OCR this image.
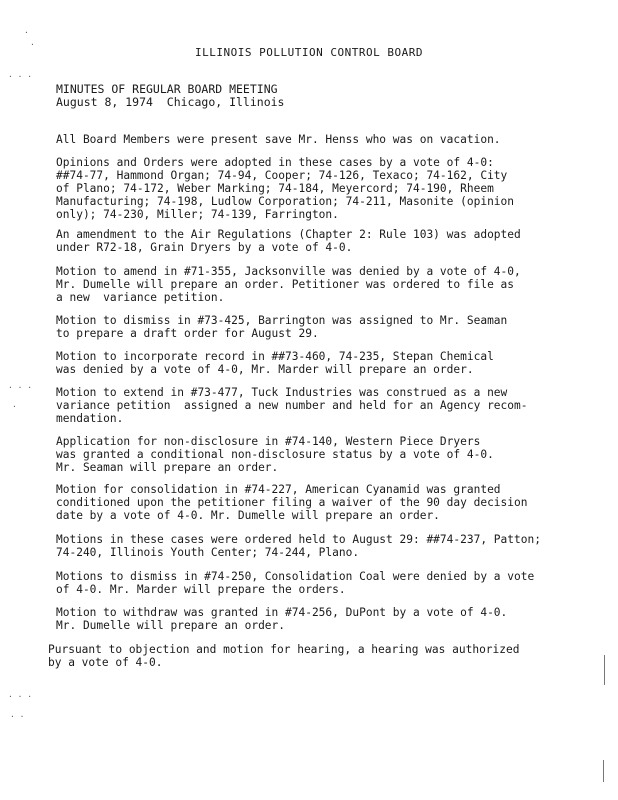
·
·
· · ·
· · ·
·
· · ·
· ·
ILLINOIS POLLUTION CONTROL BOARD
MINUTES OF REGULAR BOARD MEETING
August 8, 1974  Chicago, Illinois
All Board Members were present save Mr. Henss who was on vacation.
Opinions and Orders were adopted in these cases by a vote of 4-0:
##74-77, Hammond Organ; 74-94, Cooper; 74-126, Texaco; 74-162, City
of Plano; 74-172, Weber Marking; 74-184, Meyercord; 74-190, Rheem
Manufacturing; 74-198, Ludlow Corporation; 74-211, Masonite (opinion
only); 74-230, Miller; 74-139, Farrington.
An amendment to the Air Regulations (Chapter 2: Rule 103) was adopted
under R72-18, Grain Dryers by a vote of 4-0.
Motion to amend in #71-355, Jacksonville was denied by a vote of 4-0,
Mr. Dumelle will prepare an order. Petitioner was ordered to file as
a new  variance petition.
Motion to dismiss in #73-425, Barrington was assigned to Mr. Seaman
to prepare a draft order for August 29.
Motion to incorporate record in ##73-460, 74-235, Stepan Chemical
was denied by a vote of 4-0, Mr. Marder will prepare an order.
Motion to extend in #73-477, Tuck Industries was construed as a new
variance petition  assigned a new number and held for an Agency recom-
mendation.
Application for non-disclosure in #74-140, Western Piece Dryers
was granted a conditional non-disclosure status by a vote of 4-0.
Mr. Seaman will prepare an order.
Motion for consolidation in #74-227, American Cyanamid was granted
conditioned upon the petitioner filing a waiver of the 90 day decision
date by a vote of 4-0. Mr. Dumelle will prepare an order.
Motions in these cases were ordered held to August 29: ##74-237, Patton;
74-240, Illinois Youth Center; 74-244, Plano.
Motions to dismiss in #74-250, Consolidation Coal were denied by a vote
of 4-0. Mr. Marder will prepare the orders.
Motion to withdraw was granted in #74-256, DuPont by a vote of 4-0.
Mr. Dumelle will prepare an order.
Pursuant to objection and motion for hearing, a hearing was authorized
by a vote of 4-0.
